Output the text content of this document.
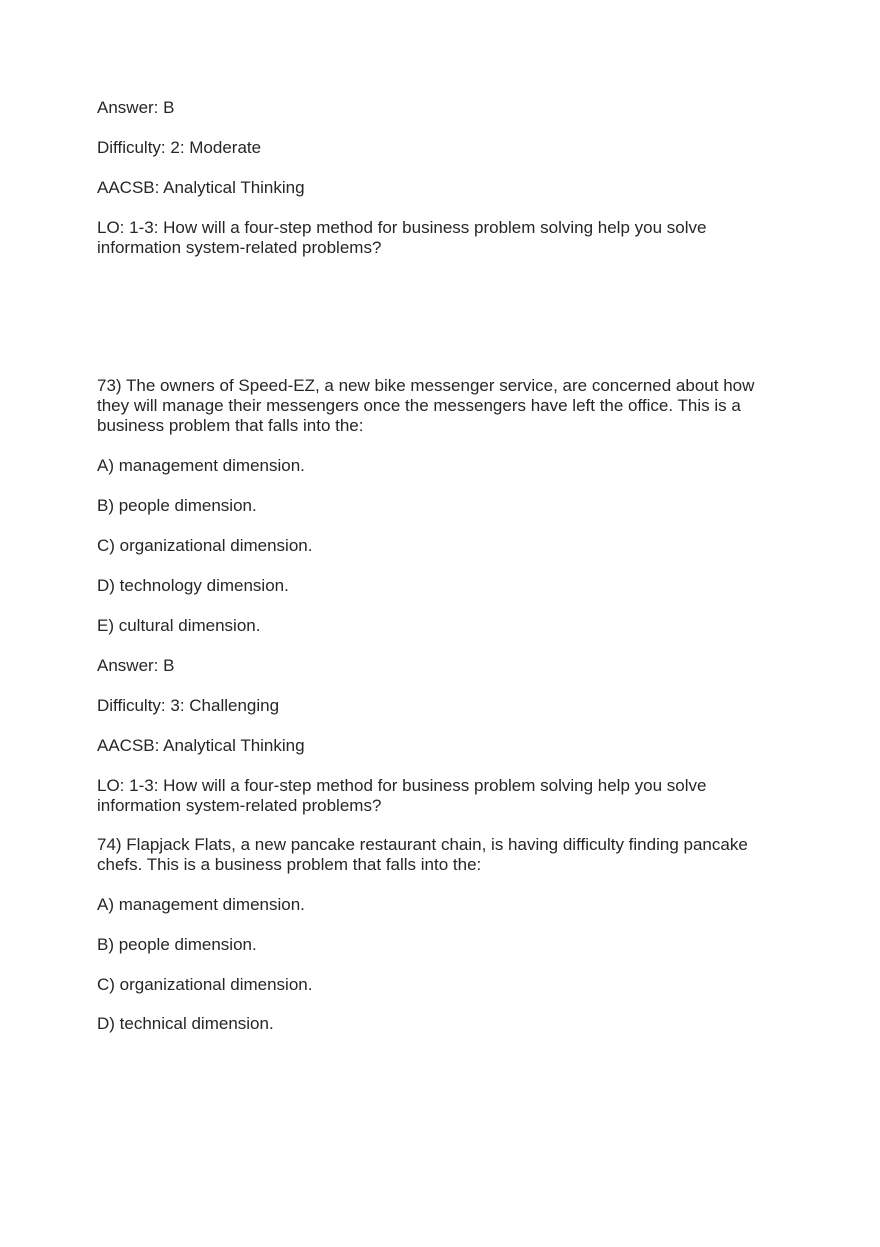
Answer: B
Difficulty: 2: Moderate
AACSB: Analytical Thinking
LO: 1-3: How will a four-step method for business problem solving help you solve
information system-related problems?
73) The owners of Speed-EZ, a new bike messenger service, are concerned about how
they will manage their messengers once the messengers have left the office. This is a
business problem that falls into the:
A) management dimension.
B) people dimension.
C) organizational dimension.
D) technology dimension.
E) cultural dimension.
Answer: B
Difficulty: 3: Challenging
AACSB: Analytical Thinking
LO: 1-3: How will a four-step method for business problem solving help you solve
information system-related problems?
74) Flapjack Flats, a new pancake restaurant chain, is having difficulty finding pancake
chefs. This is a business problem that falls into the:
A) management dimension.
B) people dimension.
C) organizational dimension.
D) technical dimension.
